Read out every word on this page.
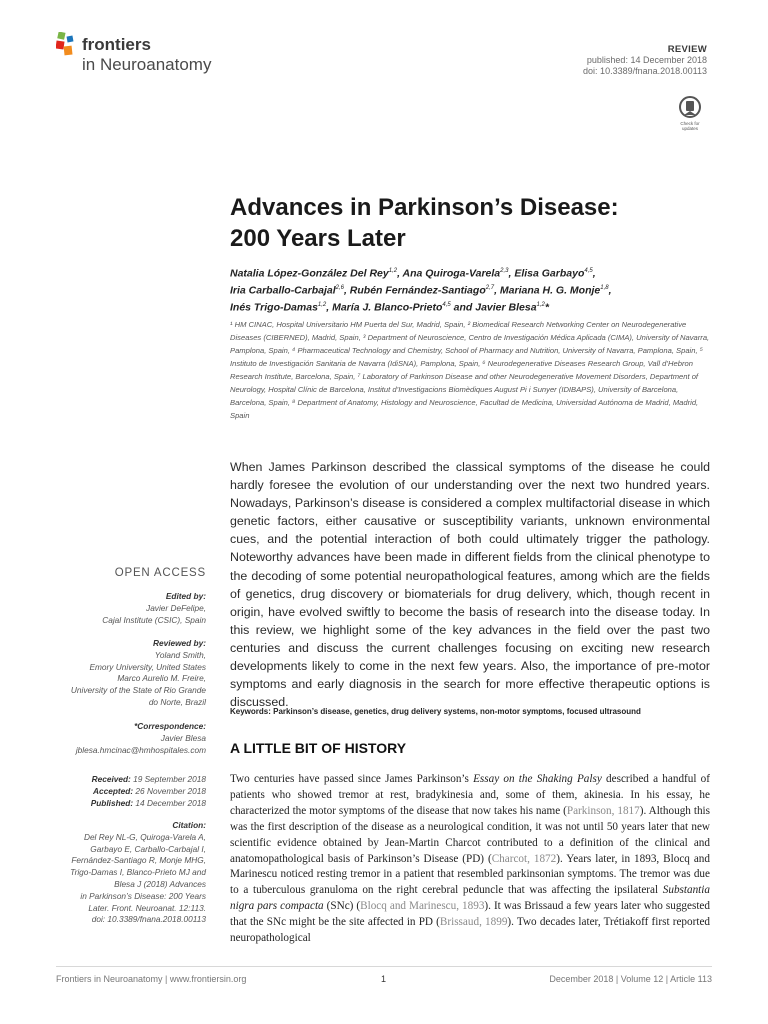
frontiers
in Neuroanatomy
REVIEW
published: 14 December 2018
doi: 10.3389/fnana.2018.00113
Check for
updates
Advances in Parkinson’s Disease:
200 Years Later
Natalia López-González Del Rey$^{1,2}$, Ana Quiroga-Varela$^{2,3}$, Elisa Garbayo$^{4,5}$,
Iria Carballo-Carbajal$^{2,6}$, Rubén Fernández-Santiago$^{2,7}$, Mariana H. G. Monje$^{1,8}$,
Inés Trigo-Damas$^{1,2}$, María J. Blanco-Prieto$^{4,5}$ and Javier Blesa$^{1,2}$*
¹ HM CINAC, Hospital Universitario HM Puerta del Sur, Madrid, Spain, ² Biomedical Research Networking Center on Neurodegenerative Diseases (CIBERNED), Madrid, Spain, ³ Department of Neuroscience, Centro de Investigación Médica Aplicada (CIMA), University of Navarra, Pamplona, Spain, ⁴ Pharmaceutical Technology and Chemistry, School of Pharmacy and Nutrition, University of Navarra, Pamplona, Spain, ⁵ Instituto de Investigación Sanitaria de Navarra (IdiSNA), Pamplona, Spain, ⁶ Neurodegenerative Diseases Research Group, Vall d’Hebron Research Institute, Barcelona, Spain, ⁷ Laboratory of Parkinson Disease and other Neurodegenerative Movement Disorders, Department of Neurology, Hospital Clínic de Barcelona, Institut d’Investigacions Biomèdiques August Pi i Sunyer (IDIBAPS), University of Barcelona, Barcelona, Spain, ⁸ Department of Anatomy, Histology and Neuroscience, Facultad de Medicina, Universidad Autónoma de Madrid, Madrid, Spain
When James Parkinson described the classical symptoms of the disease he could hardly foresee the evolution of our understanding over the next two hundred years. Nowadays, Parkinson’s disease is considered a complex multifactorial disease in which genetic factors, either causative or susceptibility variants, unknown environmental cues, and the potential interaction of both could ultimately trigger the pathology. Noteworthy advances have been made in different fields from the clinical phenotype to the decoding of some potential neuropathological features, among which are the fields of genetics, drug discovery or biomaterials for drug delivery, which, though recent in origin, have evolved swiftly to become the basis of research into the disease today. In this review, we highlight some of the key advances in the field over the past two centuries and discuss the current challenges focusing on exciting new research developments likely to come in the next few years. Also, the importance of pre-motor symptoms and early diagnosis in the search for more effective therapeutic options is discussed.
Keywords: Parkinson’s disease, genetics, drug delivery systems, non-motor symptoms, focused ultrasound
A LITTLE BIT OF HISTORY
Two centuries have passed since James Parkinson’s Essay on the Shaking Palsy described a handful of patients who showed tremor at rest, bradykinesia and, some of them, akinesia. In his essay, he characterized the motor symptoms of the disease that now takes his name (Parkinson, 1817). Although this was the first description of the disease as a neurological condition, it was not until 50 years later that new scientific evidence obtained by Jean-Martin Charcot contributed to a definition of the clinical and anatomopathological basis of Parkinson’s Disease (PD) (Charcot, 1872). Years later, in 1893, Blocq and Marinescu noticed resting tremor in a patient that resembled parkinsonian symptoms. The tremor was due to a tuberculous granuloma on the right cerebral peduncle that was affecting the ipsilateral Substantia nigra pars compacta (SNc) (Blocq and Marinescu, 1893). It was Brissaud a few years later who suggested that the SNc might be the site affected in PD (Brissaud, 1899). Two decades later, Trétiakoff first reported neuropathological
OPEN ACCESS
Edited by:
Javier DeFelipe,
Cajal Institute (CSIC), Spain
Reviewed by:
Yoland Smith,
Emory University, United States
Marco Aurelio M. Freire,
University of the State of Rio Grande
do Norte, Brazil
*Correspondence:
Javier Blesa
jblesa.hmcinac@hmhospitales.com
Received: 19 September 2018
Accepted: 26 November 2018
Published: 14 December 2018
Citation:
Del Rey NL-G, Quiroga-Varela A,
Garbayo E, Carballo-Carbajal I,
Fernández-Santiago R, Monje MHG,
Trigo-Damas I, Blanco-Prieto MJ and
Blesa J (2018) Advances
in Parkinson’s Disease: 200 Years
Later. Front. Neuroanat. 12:113.
doi: 10.3389/fnana.2018.00113
Frontiers in Neuroanatomy | www.frontiersin.org	1	December 2018 | Volume 12 | Article 113
